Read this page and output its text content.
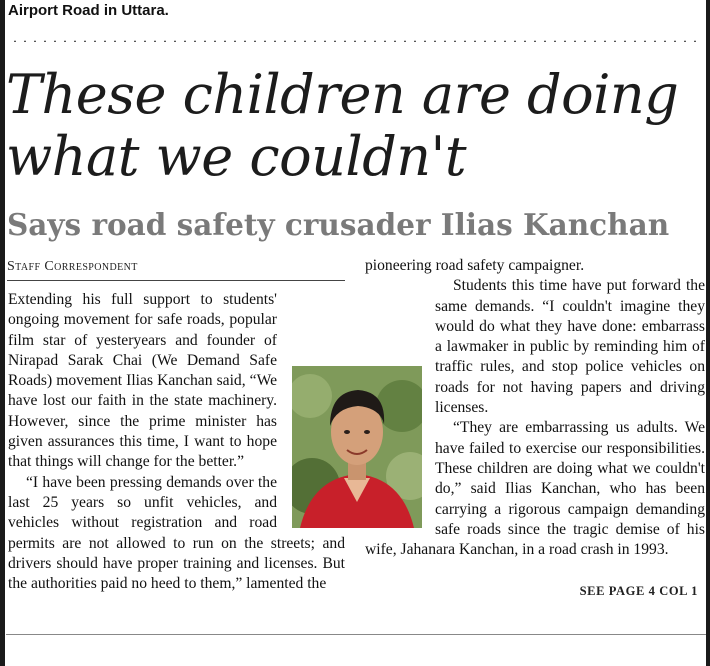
Airport Road in Uttara.
These children are doing what we couldn't
Says road safety crusader Ilias Kanchan
Staff Correspondent

Extending his full support to students' ongoing movement for safe roads, popular film star of yesteryears and founder of Nirapad Sarak Chai (We Demand Safe Roads) movement Ilias Kanchan said, “We have lost our faith in the state machinery. However, since the prime minister has given assurances this time, I want to hope that things will change for the better.”

“I have been pressing demands over the last 25 years so unfit vehicles, and vehicles without registration and road permits are not allowed to run on the streets; and drivers should have proper training and licenses. But the authorities paid no heed to them,” lamented the

pioneering road safety campaigner.

Students this time have put forward the same demands. “I couldn't imagine they would do what they have done: embarrass a lawmaker in public by reminding him of traffic rules, and stop police vehicles on roads for not having papers and driving licenses.

“They are embarrassing us adults. We have failed to exercise our responsibilities. These children are doing what we couldn't do,” said Ilias Kanchan, who has been carrying a rigorous campaign demanding safe roads since the tragic demise of his wife, Jahanara Kanchan, in a road crash in 1993.

SEE PAGE 4 COL 1
